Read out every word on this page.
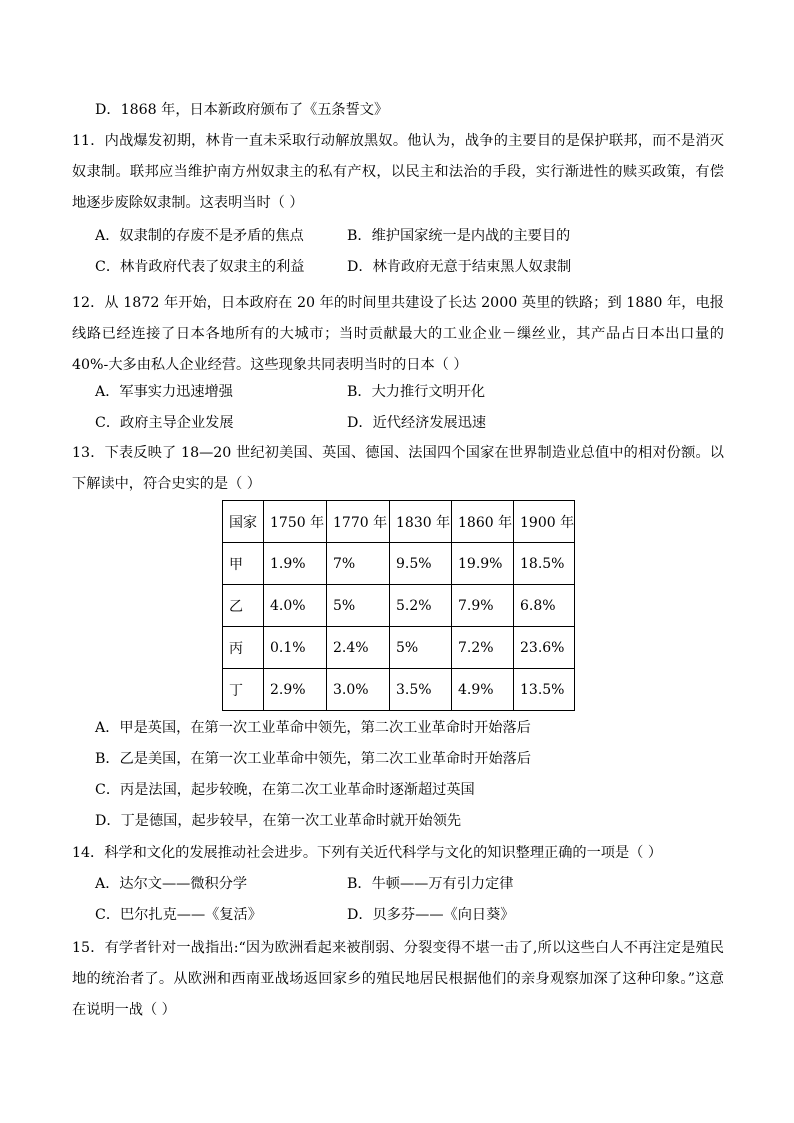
D．1868 年，日本新政府颁布了《五条誓文》
11．内战爆发初期，林肯一直未采取行动解放黑奴。他认为，战争的主要目的是保护联邦，而不是消灭奴隶制。联邦应当维护南方州奴隶主的私有产权，以民主和法治的手段，实行渐进性的赎买政策，有偿地逐步废除奴隶制。这表明当时（ ）
A．奴隶制的存废不是矛盾的焦点	B．维护国家统一是内战的主要目的
C．林肯政府代表了奴隶主的利益	D．林肯政府无意于结束黑人奴隶制
12．从 1872 年开始，日本政府在 20 年的时间里共建设了长达 2000 英里的铁路；到 1880 年，电报线路已经连接了日本各地所有的大城市；当时贡献最大的工业企业－缫丝业，其产品占日本出口量的 40%-大多由私人企业经营。这些现象共同表明当时的日本（ ）
A．军事实力迅速增强	B．大力推行文明开化
C．政府主导企业发展	D．近代经济发展迅速
13．下表反映了 18—20 世纪初美国、英国、德国、法国四个国家在世界制造业总值中的相对份额。以下解读中，符合史实的是（ ）
国家	1750 年	1770 年	1830 年	1860 年	1900 年
甲	1.9%	7%	9.5%	19.9%	18.5%
乙	4.0%	5%	5.2%	7.9%	6.8%
丙	0.1%	2.4%	5%	7.2%	23.6%
丁	2.9%	3.0%	3.5%	4.9%	13.5%
A．甲是英国，在第一次工业革命中领先，第二次工业革命时开始落后
B．乙是美国，在第一次工业革命中领先，第二次工业革命时开始落后
C．丙是法国，起步较晚，在第二次工业革命时逐渐超过英国
D．丁是德国，起步较早，在第一次工业革命时就开始领先
14．科学和文化的发展推动社会进步。下列有关近代科学与文化的知识整理正确的一项是（ ）
A．达尔文——微积分学	B．牛顿——万有引力定律
C．巴尔扎克——《复活》	D．贝多芬——《向日葵》
15．有学者针对一战指出:“因为欧洲看起来被削弱、分裂变得不堪一击了,所以这些白人不再注定是殖民地的统治者了。从欧洲和西南亚战场返回家乡的殖民地居民根据他们的亲身观察加深了这种印象。”这意在说明一战（ ）
